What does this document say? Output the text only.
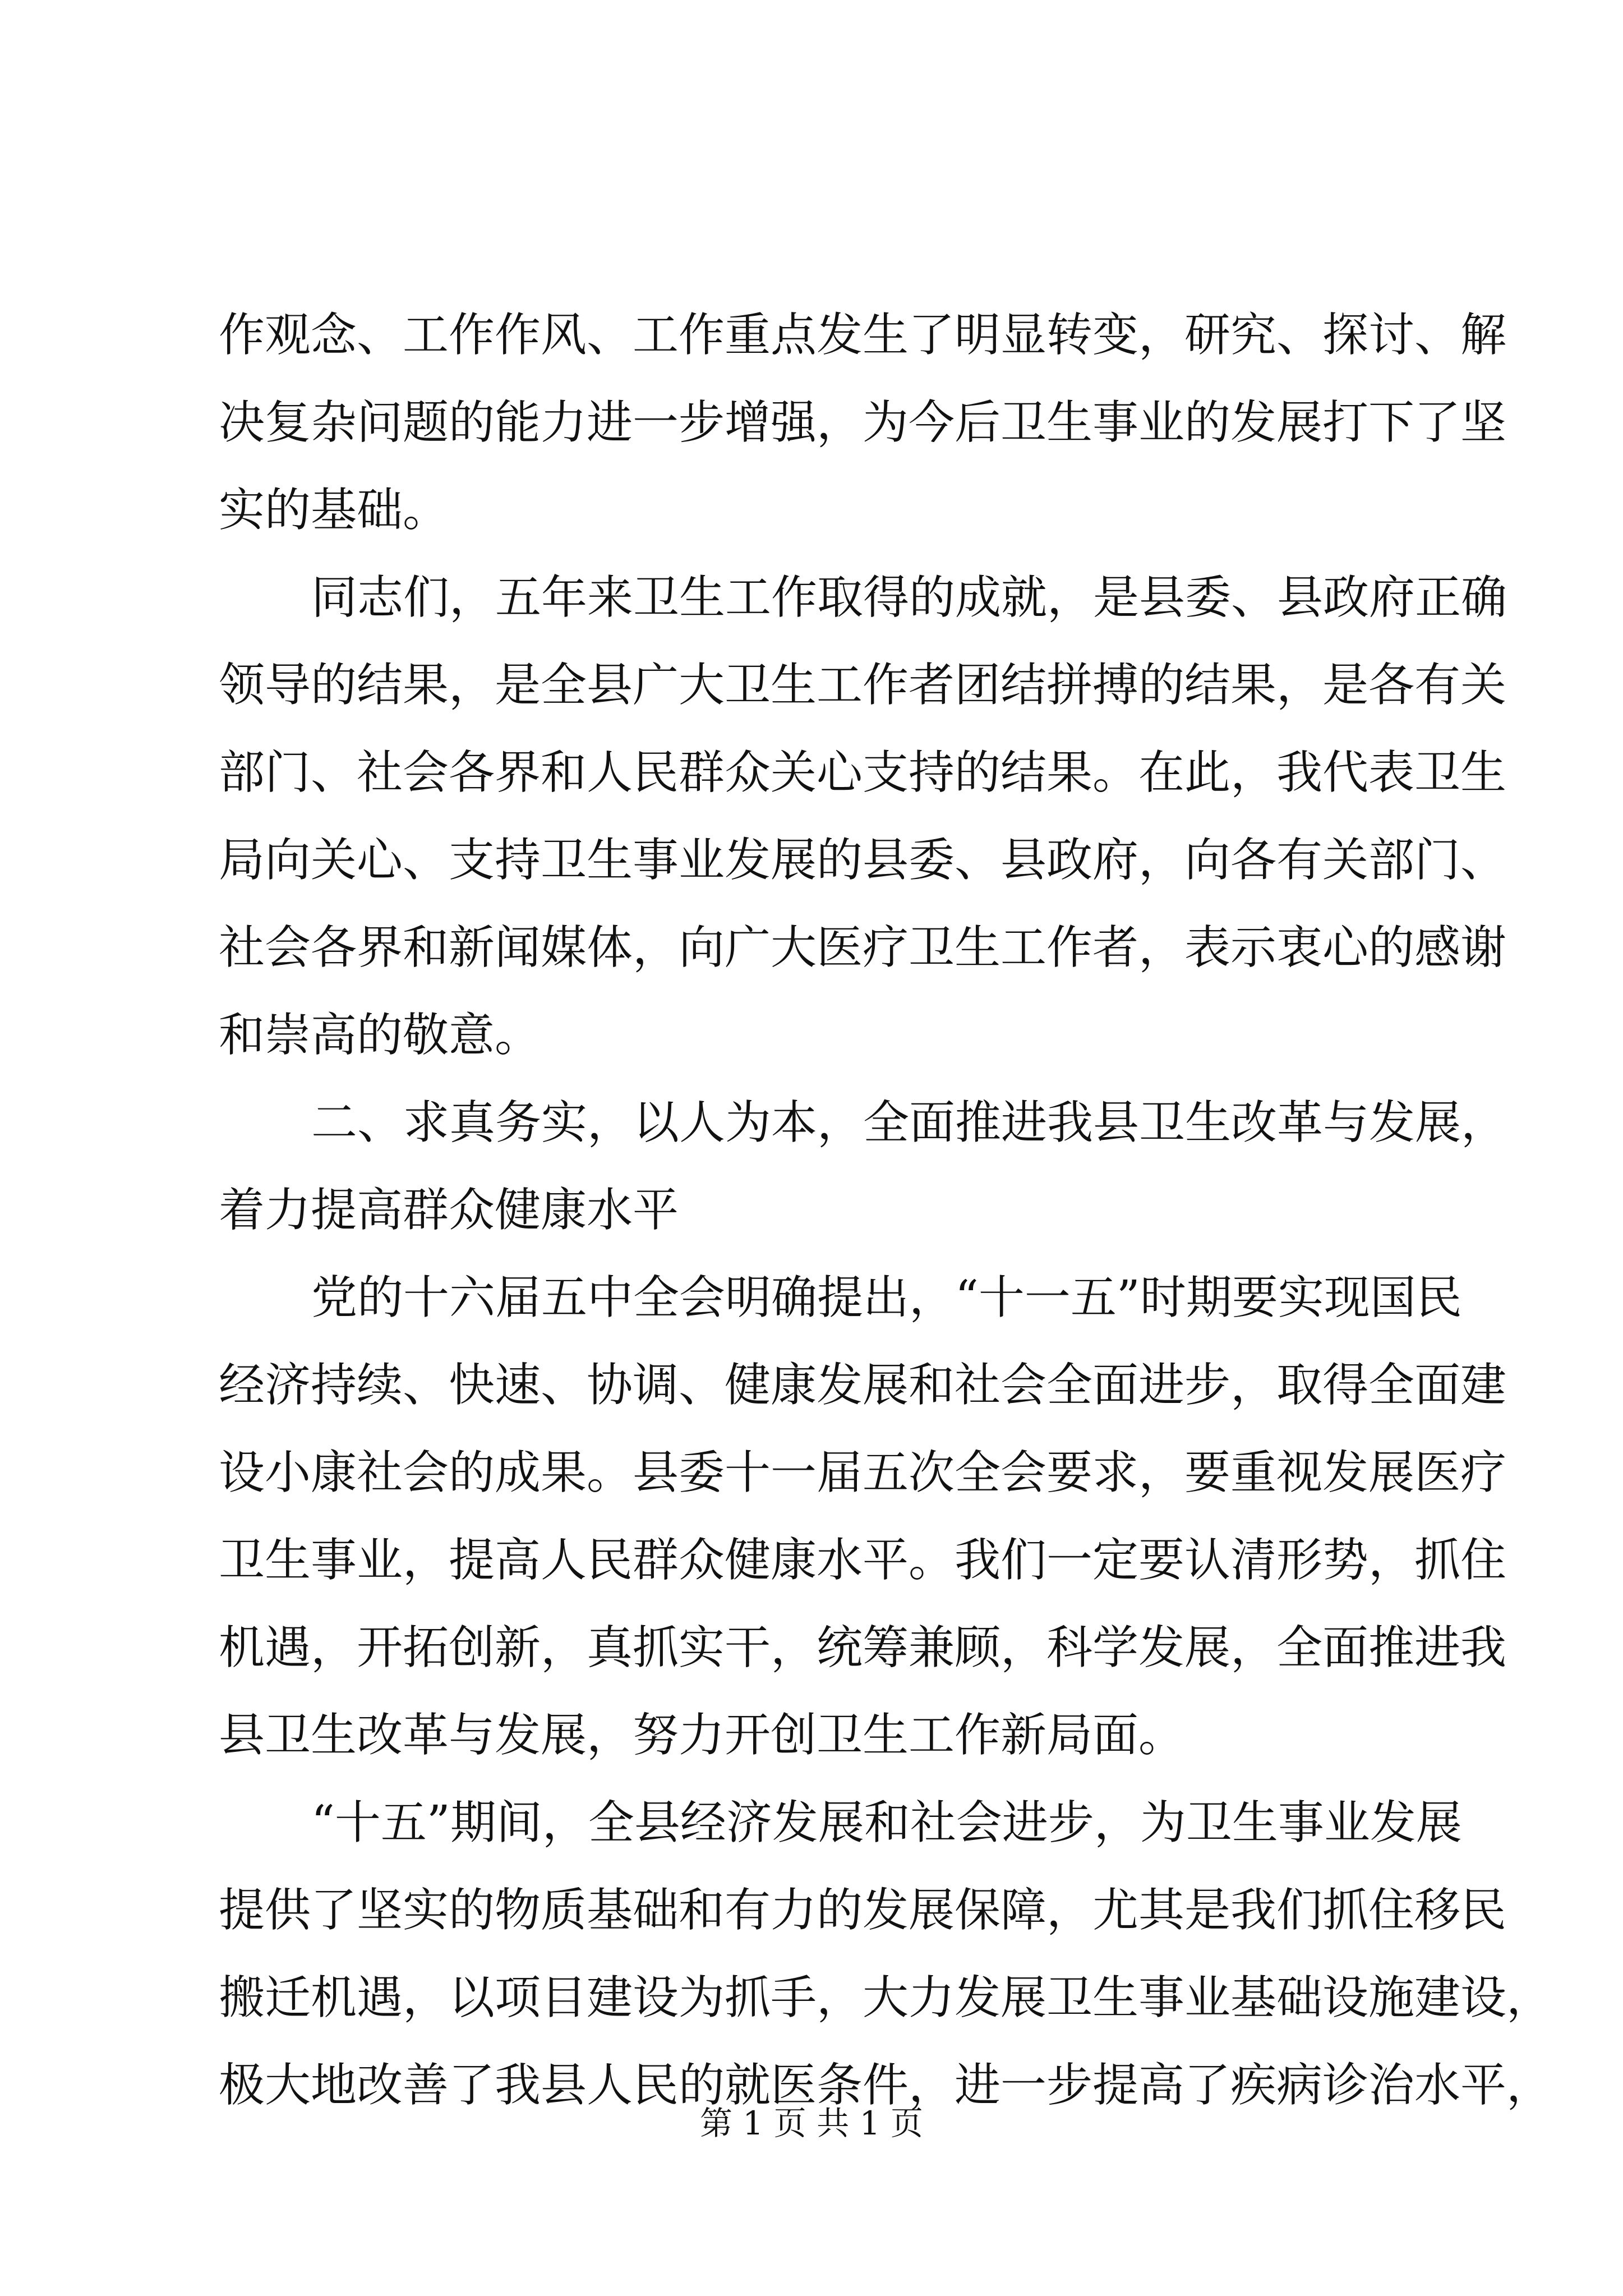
作观念、工作作风、工作重点发生了明显转变，研究、探讨、解
决复杂问题的能力进一步增强，为今后卫生事业的发展打下了坚
实的基础。
同志们，五年来卫生工作取得的成就，是县委、县政府正确
领导的结果，是全县广大卫生工作者团结拼搏的结果，是各有关
部门、社会各界和人民群众关心支持的结果。在此，我代表卫生
局向关心、支持卫生事业发展的县委、县政府，向各有关部门、
社会各界和新闻媒体，向广大医疗卫生工作者，表示衷心的感谢
和崇高的敬意。
二、求真务实，以人为本，全面推进我县卫生改革与发展，
着力提高群众健康水平
党的十六届五中全会明确提出，“十一五”时期要实现国民
经济持续、快速、协调、健康发展和社会全面进步，取得全面建
设小康社会的成果。县委十一届五次全会要求，要重视发展医疗
卫生事业，提高人民群众健康水平。我们一定要认清形势，抓住
机遇，开拓创新，真抓实干，统筹兼顾，科学发展，全面推进我
县卫生改革与发展，努力开创卫生工作新局面。
“十五”期间，全县经济发展和社会进步，为卫生事业发展
提供了坚实的物质基础和有力的发展保障，尤其是我们抓住移民
搬迁机遇，以项目建设为抓手，大力发展卫生事业基础设施建设，
极大地改善了我县人民的就医条件，进一步提高了疾病诊治水平，
第 1 页 共 1 页
